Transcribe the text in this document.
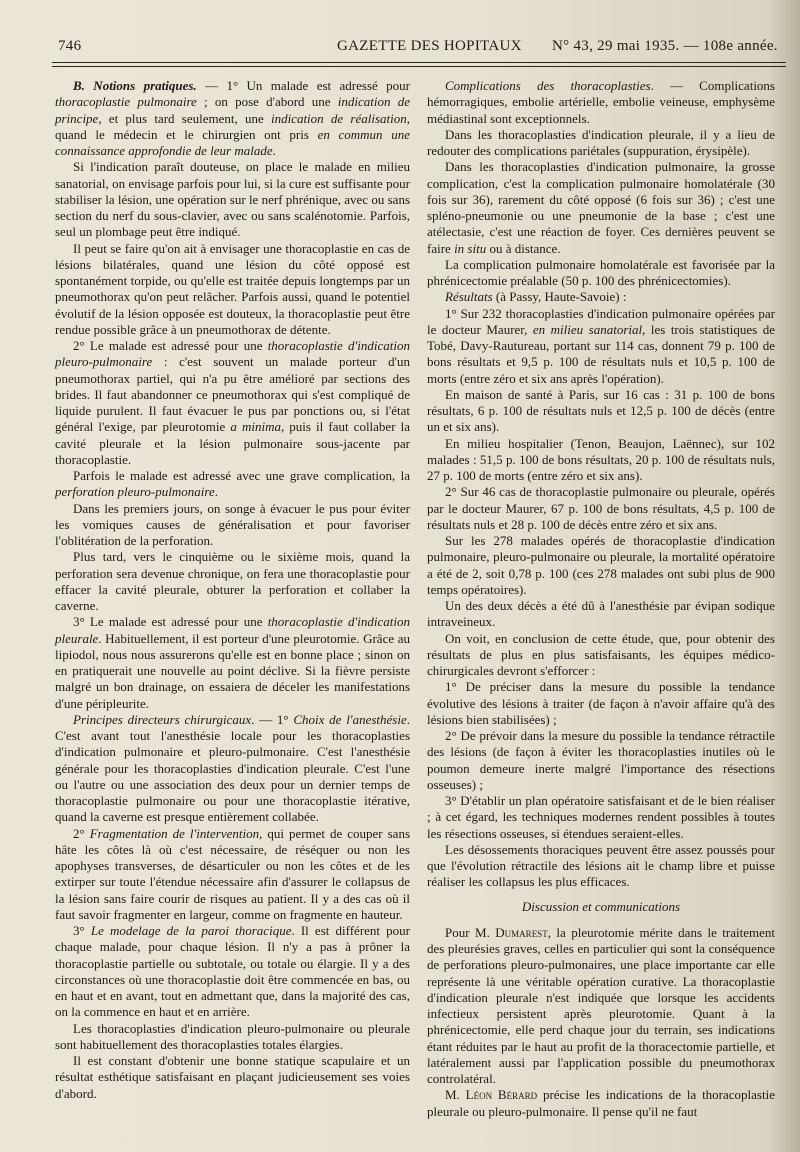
746	GAZETTE DES HOPITAUX N° 43, 29 mai 1935. — 108e année.

B. Notions pratiques. — 1° Un malade est adressé pour thoracoplastie pulmonaire ; on pose d'abord une indication de principe, et plus tard seulement, une indication de réalisation, quand le médecin et le chirurgien ont pris en commun une connaissance approfondie de leur malade.

Si l'indication paraît douteuse, on place le malade en milieu sanatorial, on envisage parfois pour lui, si la cure est suffisante pour stabiliser la lésion, une opération sur le nerf phrénique, avec ou sans section du nerf du sous-clavier, avec ou sans scalénotomie. Parfois, seul un plombage peut être indiqué.

Il peut se faire qu'on ait à envisager une thoracoplastie en cas de lésions bilatérales, quand une lésion du côté opposé est spontanément torpide, ou qu'elle est traitée depuis longtemps par un pneumothorax qu'on peut relâcher. Parfois aussi, quand le potentiel évolutif de la lésion opposée est douteux, la thoracoplastie peut être rendue possible grâce à un pneumothorax de détente.

2° Le malade est adressé pour une thoracoplastie d'indication pleuro-pulmonaire : c'est souvent un malade porteur d'un pneumothorax partiel, qui n'a pu être amélioré par sections des brides. Il faut abandonner ce pneumothorax qui s'est compliqué de liquide purulent. Il faut évacuer le pus par ponctions ou, si l'état général l'exige, par pleurotomie a minima, puis il faut collaber la cavité pleurale et la lésion pulmonaire sous-jacente par thoracoplastie.

Parfois le malade est adressé avec une grave complication, la perforation pleuro-pulmonaire.

Dans les premiers jours, on songe à évacuer le pus pour éviter les vomiques causes de généralisation et pour favoriser l'oblitération de la perforation.

Plus tard, vers le cinquième ou le sixième mois, quand la perforation sera devenue chronique, on fera une thoracoplastie pour effacer la cavité pleurale, obturer la perforation et collaber la caverne.

3° Le malade est adressé pour une thoracoplastie d'indication pleurale. Habituellement, il est porteur d'une pleurotomie. Grâce au lipiodol, nous nous assurerons qu'elle est en bonne place ; sinon on en pratiquerait une nouvelle au point déclive. Si la fièvre persiste malgré un bon drainage, on essaiera de déceler les manifestations d'une péripleurite.

Principes directeurs chirurgicaux. — 1° Choix de l'anesthésie. C'est avant tout l'anesthésie locale pour les thoracoplasties d'indication pulmonaire et pleuro-pulmonaire. C'est l'anesthésie générale pour les thoracoplasties d'indication pleurale. C'est l'une ou l'autre ou une association des deux pour un dernier temps de thoracoplastie pulmonaire ou pour une thoracoplastie itérative, quand la caverne est presque entièrement collabée.

2° Fragmentation de l'intervention, qui permet de couper sans hâte les côtes là où c'est nécessaire, de réséquer ou non les apophyses transverses, de désarticuler ou non les côtes et de les extirper sur toute l'étendue nécessaire afin d'assurer le collapsus de la lésion sans faire courir de risques au patient. Il y a des cas où il faut savoir fragmenter en largeur, comme on fragmente en hauteur.

3° Le modelage de la paroi thoracique. Il est différent pour chaque malade, pour chaque lésion. Il n'y a pas à prôner la thoracoplastie partielle ou subtotale, ou totale ou élargie. Il y a des circonstances où une thoracoplastie doit être commencée en bas, ou en haut et en avant, tout en admettant que, dans la majorité des cas, on la commence en haut et en arrière.

Les thoracoplasties d'indication pleuro-pulmonaire ou pleurale sont habituellement des thoracoplasties totales élargies.

Il est constant d'obtenir une bonne statique scapulaire et un résultat esthétique satisfaisant en plaçant judicieusement ses voies d'abord.

Complications des thoracoplasties. — Complications hémorragiques, embolie artérielle, embolie veineuse, emphysème médiastinal sont exceptionnels.

Dans les thoracoplasties d'indication pleurale, il y a lieu de redouter des complications pariétales (suppuration, érysipèle).

Dans les thoracoplasties d'indication pulmonaire, la grosse complication, c'est la complication pulmonaire homolatérale (30 fois sur 36), rarement du côté opposé (6 fois sur 36) ; c'est une spléno-pneumonie ou une pneumonie de la base ; c'est une atélectasie, c'est une réaction de foyer. Ces dernières peuvent se faire in situ ou à distance.

La complication pulmonaire homolatérale est favorisée par la phrénicectomie préalable (50 p. 100 des phrénicectomies).

Résultats (à Passy, Haute-Savoie) :

1° Sur 232 thoracoplasties d'indication pulmonaire opérées par le docteur Maurer, en milieu sanatorial, les trois statistiques de Tobé, Davy-Rautureau, portant sur 114 cas, donnent 79 p. 100 de bons résultats et 9,5 p. 100 de résultats nuls et 10,5 p. 100 de morts (entre zéro et six ans après l'opération).

En maison de santé à Paris, sur 16 cas : 31 p. 100 de bons résultats, 6 p. 100 de résultats nuls et 12,5 p. 100 de décès (entre un et six ans).

En milieu hospitalier (Tenon, Beaujon, Laënnec), sur 102 malades : 51,5 p. 100 de bons résultats, 20 p. 100 de résultats nuls, 27 p. 100 de morts (entre zéro et six ans).

2° Sur 46 cas de thoracoplastie pulmonaire ou pleurale, opérés par le docteur Maurer, 67 p. 100 de bons résultats, 4,5 p. 100 de résultats nuls et 28 p. 100 de décès entre zéro et six ans.

Sur les 278 malades opérés de thoracoplastie d'indication pulmonaire, pleuro-pulmonaire ou pleurale, la mortalité opératoire a été de 2, soit 0,78 p. 100 (ces 278 malades ont subi plus de 900 temps opératoires).

Un des deux décès a été dû à l'anesthésie par évipan sodique intraveineux.

On voit, en conclusion de cette étude, que, pour obtenir des résultats de plus en plus satisfaisants, les équipes médico-chirurgicales devront s'efforcer :

1° De préciser dans la mesure du possible la tendance évolutive des lésions à traiter (de façon à n'avoir affaire qu'à des lésions bien stabilisées) ;

2° De prévoir dans la mesure du possible la tendance rétractile des lésions (de façon à éviter les thoracoplasties inutiles où le poumon demeure inerte malgré l'importance des résections osseuses) ;

3° D'établir un plan opératoire satisfaisant et de le bien réaliser ; à cet égard, les techniques modernes rendent possibles à toutes les résections osseuses, si étendues seraient-elles.

Les désossements thoraciques peuvent être assez poussés pour que l'évolution rétractile des lésions ait le champ libre et puisse réaliser les collapsus les plus efficaces.

Discussion et communications

Pour M. Dumarest, la pleurotomie mérite dans le traitement des pleurésies graves, celles en particulier qui sont la conséquence de perforations pleuro-pulmonaires, une place importante car elle représente là une véritable opération curative. La thoracoplastie d'indication pleurale n'est indiquée que lorsque les accidents infectieux persistent après pleurotomie. Quant à la phrénicectomie, elle perd chaque jour du terrain, ses indications étant réduites par le haut au profit de la thoracectomie partielle, et latéralement aussi par l'application possible du pneumothorax controlatéral.

M. Léon Bérard précise les indications de la thoracoplastie pleurale ou pleuro-pulmonaire. Il pense qu'il ne faut
